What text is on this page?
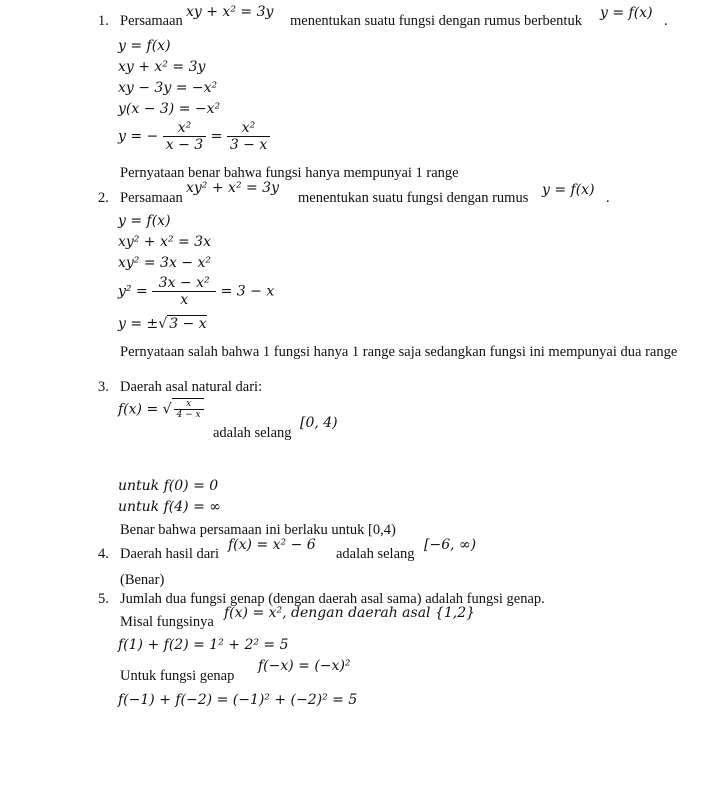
1. Persamaan
xy + x² = 3y
menentukan suatu fungsi dengan rumus berbentuk y = f(x) .
y = f(x)
xy + x² = 3y
xy − 3y = −x²
y(x − 3) = −x²
y = − $\frac{\text{x²}}{x - 3} = \frac{\text{x²}}{3 - x}$
Pernyataan benar bahwa fungsi hanya mempunyai 1 range
2. Persamaan
xy² + x² = 3y
menentukan suatu fungsi dengan rumus y = f(x) .
y = f(x)
xy² + x² = 3x
xy² = 3x − x²
$y^2 = \frac{\text{3x − x²}}{x} = 3 - x$
y = ±√ 3 − x
Pernyataan salah bahwa 1 fungsi hanya 1 range saja sedangkan fungsi ini mempunyai dua range
3. Daerah asal natural dari:
f(x) = √ $\frac{x}{4 - x}$
adalah selang
[0, 4)
untuk f(0) = 0
untuk f(4) = ∞
Benar bahwa persamaan ini berlaku untuk [0,4)
4. Daerah hasil dari
f(x) = x² − 6
adalah selang
[−6, ∞)
(Benar)
5. Jumlah dua fungsi genap (dengan daerah asal sama) adalah fungsi genap.
Misal fungsinya
f(x) = x², dengan daerah asal {1,2}
f(1) + f(2) = 1² + 2² = 5
Untuk fungsi genap
f(−x) = (−x)²
f(−1) + f(−2) = (−1)² + (−2)² = 5
